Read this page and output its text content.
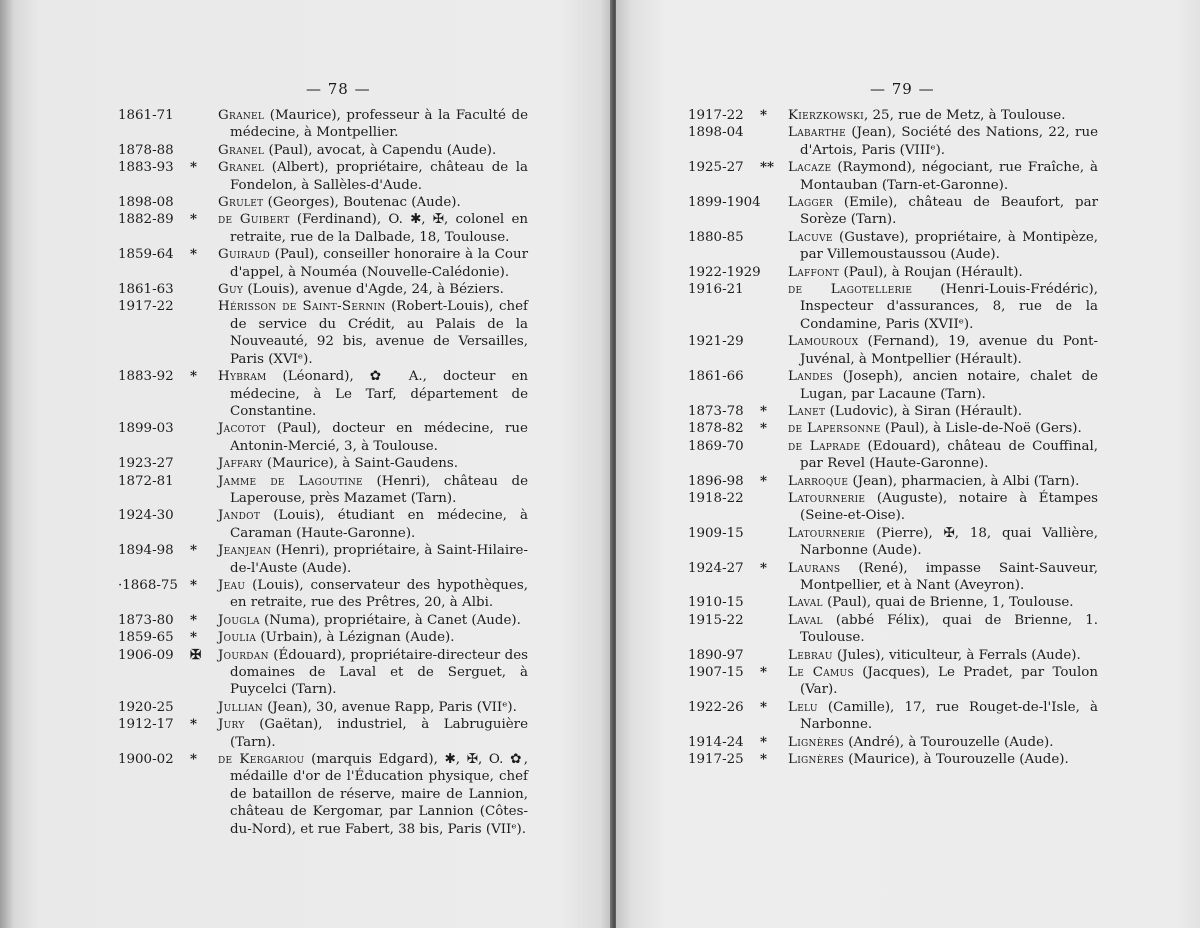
— 78 —
1861-71	Granel (Maurice), professeur à la Faculté de médecine, à Montpellier.
1878-88	Granel (Paul), avocat, à Capendu (Aude).
1883-93	*	Granel (Albert), propriétaire, château de la Fondelon, à Sallèles-d'Aude.
1898-08	Grulet (Georges), Boutenac (Aude).
1882-89	*	de Guibert (Ferdinand), O. ✱, ✠, colonel en retraite, rue de la Dalbade, 18, Toulouse.
1859-64	*	Guiraud (Paul), conseiller honoraire à la Cour d'appel, à Nouméa (Nouvelle-Calédonie).
1861-63	Guy (Louis), avenue d'Agde, 24, à Béziers.
1917-22	Hérisson de Saint-Sernin (Robert-Louis), chef de service du Crédit, au Palais de la Nouveauté, 92 bis, avenue de Versailles, Paris (XVIᵉ).
1883-92	*	Hybram (Léonard), ✿ A., docteur en médecine, à Le Tarf, département de Constantine.
1899-03	Jacotot (Paul), docteur en médecine, rue Antonin-Mercié, 3, à Toulouse.
1923-27	Jaffary (Maurice), à Saint-Gaudens.
1872-81	Jamme de Lagoutine (Henri), château de Laperouse, près Mazamet (Tarn).
1924-30	Jandot (Louis), étudiant en médecine, à Caraman (Haute-Garonne).
1894-98	*	Jeanjean (Henri), propriétaire, à Saint-Hilaire-de-l'Auste (Aude).
·1868-75 *	Jeau (Louis), conservateur des hypothèques, en retraite, rue des Prêtres, 20, à Albi.
1873-80	*	Jougla (Numa), propriétaire, à Canet (Aude).
1859-65	*	Joulia (Urbain), à Lézignan (Aude).
1906-09	✠	Jourdan (Édouard), propriétaire-directeur des domaines de Laval et de Serguet, à Puycelci (Tarn).
1920-25	Jullian (Jean), 30, avenue Rapp, Paris (VIIᵉ).
1912-17	*	Jury (Gaëtan), industriel, à Labruguière (Tarn).
1900-02	*	de Kergariou (marquis Edgard), ✱, ✠, O. ✿, médaille d'or de l'Éducation physique, chef de bataillon de réserve, maire de Lannion, château de Kergomar, par Lannion (Côtes-du-Nord), et rue Fabert, 38 bis, Paris (VIIᵉ).
— 79 —
1917-22	*	Kierzkowski, 25, rue de Metz, à Toulouse.
1898-04	Labarthe (Jean), Société des Nations, 22, rue d'Artois, Paris (VIIIᵉ).
1925-27	**	Lacaze (Raymond), négociant, rue Fraîche, à Montauban (Tarn-et-Garonne).
1899-1904 Lagger (Emile), château de Beaufort, par Sorèze (Tarn).
1880-85	Lacuve (Gustave), propriétaire, à Montipèze, par Villemoustaussou (Aude).
1922-1929 Laffont (Paul), à Roujan (Hérault).
1916-21	de Lagotellerie (Henri-Louis-Frédéric), Inspecteur d'assurances, 8, rue de la Condamine, Paris (XVIIᵉ).
1921-29	Lamouroux (Fernand), 19, avenue du Pont-Juvénal, à Montpellier (Hérault).
1861-66	Landes (Joseph), ancien notaire, chalet de Lugan, par Lacaune (Tarn).
1873-78	*	Lanet (Ludovic), à Siran (Hérault).
1878-82	*	de Lapersonne (Paul), à Lisle-de-Noë (Gers).
1869-70	de Laprade (Edouard), château de Couffinal, par Revel (Haute-Garonne).
1896-98	*	Larroque (Jean), pharmacien, à Albi (Tarn).
1918-22	Latournerie (Auguste), notaire à Étampes (Seine-et-Oise).
1909-15	Latournerie (Pierre), ✠, 18, quai Vallière, Narbonne (Aude).
1924-27	*	Laurans (René), impasse Saint-Sauveur, Montpellier, et à Nant (Aveyron).
1910-15	Laval (Paul), quai de Brienne, 1, Toulouse.
1915-22	Laval (abbé Félix), quai de Brienne, 1. Toulouse.
1890-97	Lebrau (Jules), viticulteur, à Ferrals (Aude).
1907-15	*	Le Camus (Jacques), Le Pradet, par Toulon (Var).
1922-26	*	Lelu (Camille), 17, rue Rouget-de-l'Isle, à Narbonne.
1914-24	*	Lignères (André), à Tourouzelle (Aude).
1917-25	*	Lignères (Maurice), à Tourouzelle (Aude).
